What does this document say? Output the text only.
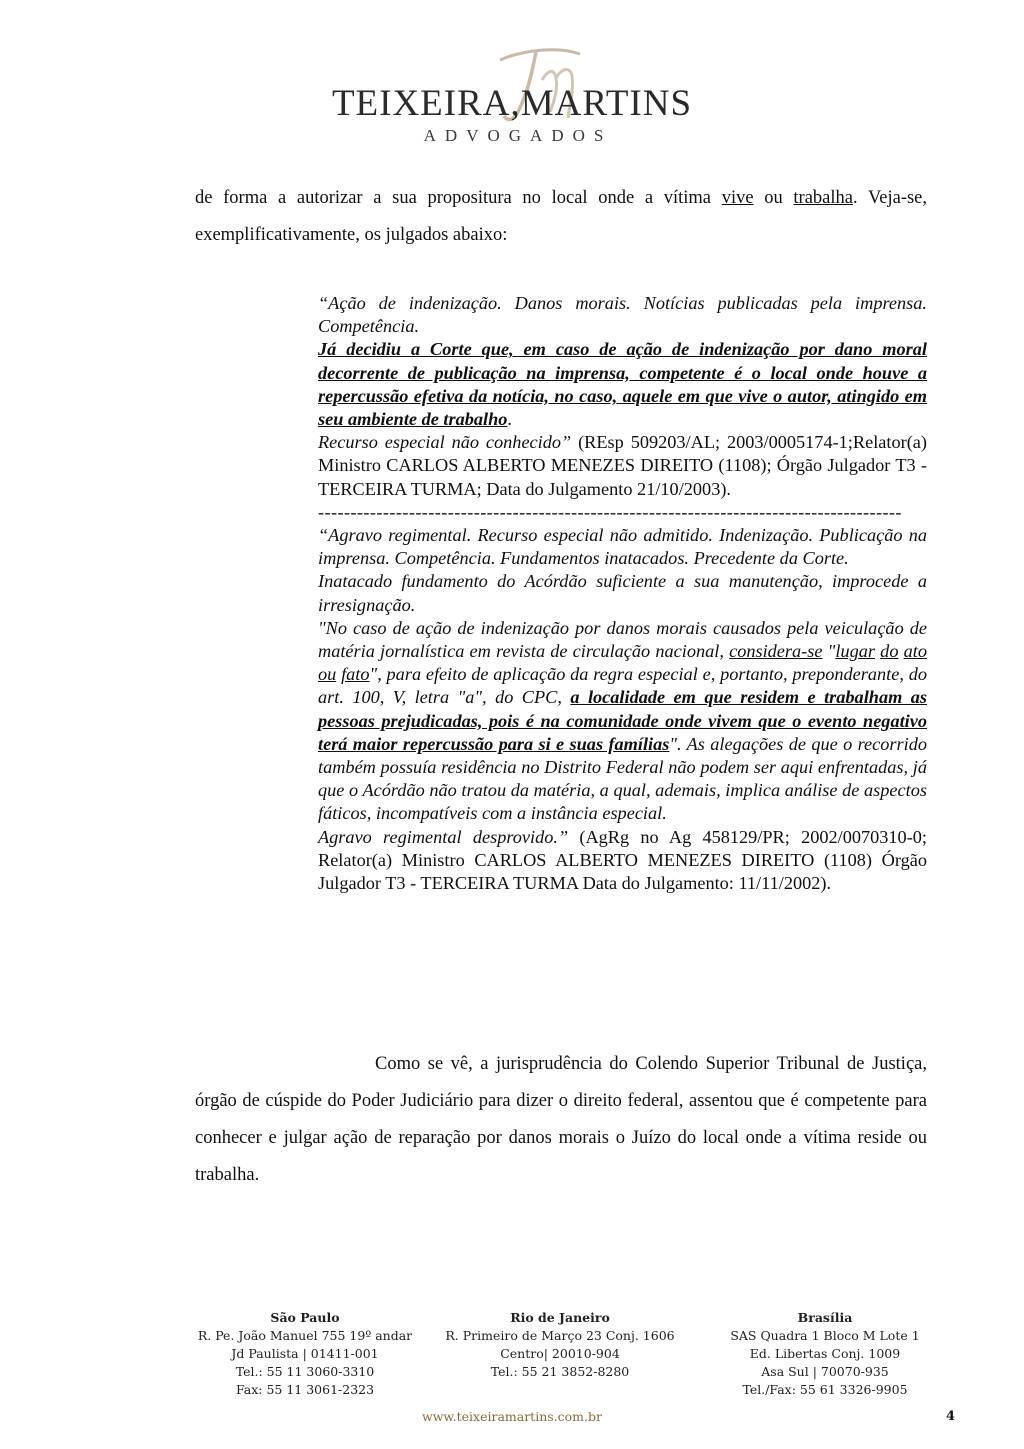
TEIXEIRA,MARTINS
ADVOGADOS
de forma a autorizar a sua propositura no local onde a vítima vive ou trabalha. Veja-se, exemplificativamente, os julgados abaixo:

“Ação de indenização. Danos morais. Notícias publicadas pela imprensa. Competência.

Já decidiu a Corte que, em caso de ação de indenização por dano moral decorrente de publicação na imprensa, competente é o local onde houve a repercussão efetiva da notícia, no caso, aquele em que vive o autor, atingido em seu ambiente de trabalho.

Recurso especial não conhecido” (REsp 509203/AL; 2003/0005174-1;Relator(a) Ministro CARLOS ALBERTO MENEZES DIREITO (1108); Órgão Julgador T3 - TERCEIRA TURMA; Data do Julgamento 21/10/2003).

------------------------------------------------------------------------------------------

“Agravo regimental. Recurso especial não admitido. Indenização. Publicação na imprensa. Competência. Fundamentos inatacados. Precedente da Corte.

Inatacado fundamento do Acórdão suficiente a sua manutenção, improcede a irresignação.

"No caso de ação de indenização por danos morais causados pela veiculação de matéria jornalística em revista de circulação nacional, considera-se "lugar do ato ou fato", para efeito de aplicação da regra especial e, portanto, preponderante, do art. 100, V, letra "a", do CPC, a localidade em que residem e trabalham as pessoas prejudicadas, pois é na comunidade onde vivem que o evento negativo terá maior repercussão para si e suas famílias". As alegações de que o recorrido também possuía residência no Distrito Federal não podem ser aqui enfrentadas, já que o Acórdão não tratou da matéria, a qual, ademais, implica análise de aspectos fáticos, incompatíveis com a instância especial.

Agravo regimental desprovido.” (AgRg no Ag 458129/PR; 2002/0070310-0; Relator(a) Ministro CARLOS ALBERTO MENEZES DIREITO (1108) Órgão Julgador T3 - TERCEIRA TURMA Data do Julgamento: 11/11/2002).

Como se vê, a jurisprudência do Colendo Superior Tribunal de Justiça, órgão de cúspide do Poder Judiciário para dizer o direito federal, assentou que é competente para conhecer e julgar ação de reparação por danos morais o Juízo do local onde a vítima reside ou trabalha.
São Paulo
R. Pe. João Manuel 755 19º andar
Jd Paulista | 01411-001
Tel.: 55 11 3060-3310
Fax: 55 11 3061-2323
Rio de Janeiro
R. Primeiro de Março 23 Conj. 1606
Centro| 20010-904
Tel.: 55 21 3852-8280
Brasília
SAS Quadra 1 Bloco M Lote 1
Ed. Libertas Conj. 1009
Asa Sul | 70070-935
Tel./Fax: 55 61 3326-9905
www.teixeiramartins.com.br	4
